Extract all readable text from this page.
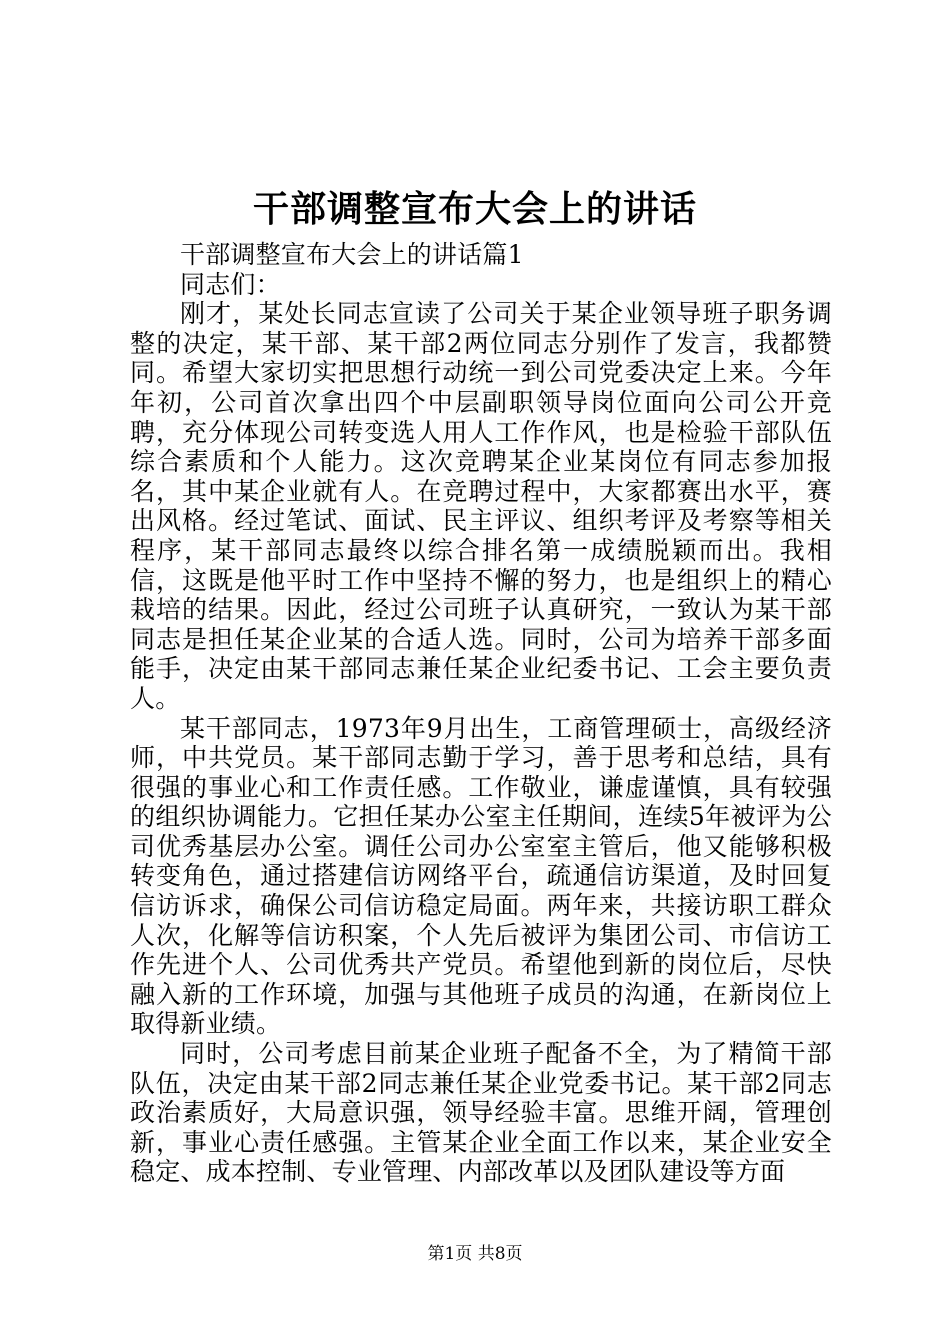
干部调整宣布大会上的讲话

干部调整宣布大会上的讲话篇1

同志们：

刚才，某处长同志宣读了公司关于某企业领导班子职务调整的决定，某干部、某干部2两位同志分别作了发言，我都赞同。希望大家切实把思想行动统一到公司党委决定上来。今年年初，公司首次拿出四个中层副职领导岗位面向公司公开竞聘，充分体现公司转变选人用人工作作风，也是检验干部队伍综合素质和个人能力。这次竞聘某企业某岗位有同志参加报名，其中某企业就有人。在竞聘过程中，大家都赛出水平，赛出风格。经过笔试、面试、民主评议、组织考评及考察等相关程序，某干部同志最终以综合排名第一成绩脱颖而出。我相信，这既是他平时工作中坚持不懈的努力，也是组织上的精心栽培的结果。因此，经过公司班子认真研究，一致认为某干部同志是担任某企业某的合适人选。同时，公司为培养干部多面能手，决定由某干部同志兼任某企业纪委书记、工会主要负责人。

某干部同志，1973年9月出生，工商管理硕士，高级经济师，中共党员。某干部同志勤于学习，善于思考和总结，具有很强的事业心和工作责任感。工作敬业，谦虚谨慎，具有较强的组织协调能力。它担任某办公室主任期间，连续5年被评为公司优秀基层办公室。调任公司办公室室主管后，他又能够积极转变角色，通过搭建信访网络平台，疏通信访渠道，及时回复信访诉求，确保公司信访稳定局面。两年来，共接访职工群众人次，化解等信访积案，个人先后被评为集团公司、市信访工作先进个人、公司优秀共产党员。希望他到新的岗位后，尽快融入新的工作环境，加强与其他班子成员的沟通，在新岗位上取得新业绩。

同时，公司考虑目前某企业班子配备不全，为了精简干部队伍，决定由某干部2同志兼任某企业党委书记。某干部2同志政治素质好，大局意识强，领导经验丰富。思维开阔，管理创新，事业心责任感强。主管某企业全面工作以来，某企业安全稳定、成本控制、专业管理、内部改革以及团队建设等方面

第1页 共8页
